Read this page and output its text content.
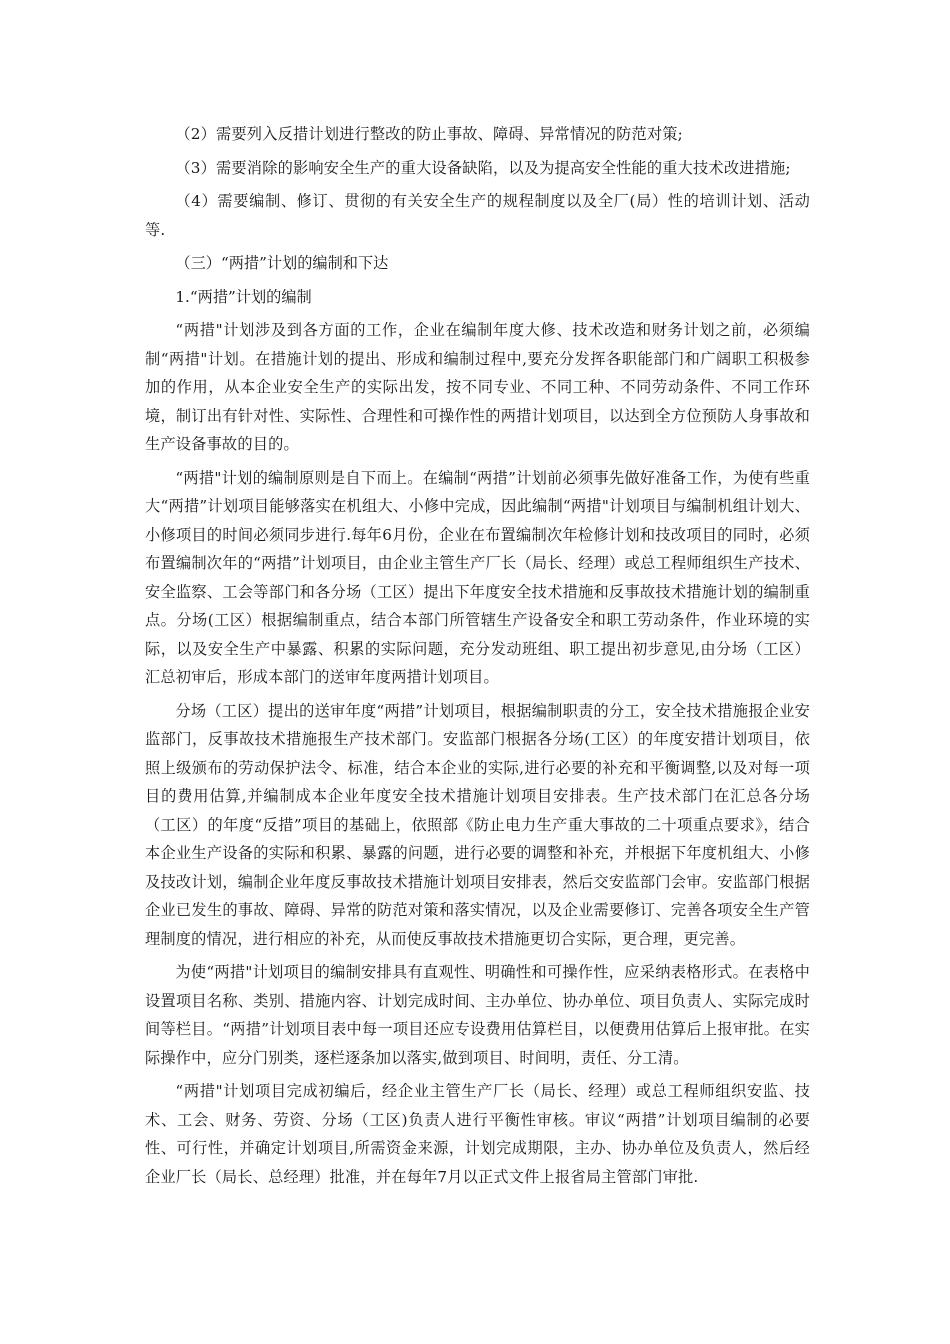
（2）需要列入反措计划进行整改的防止事故、障碍、异常情况的防范对策;

（3）需要消除的影响安全生产的重大设备缺陷，以及为提高安全性能的重大技术改进措施;

（4）需要编制、修订、贯彻的有关安全生产的规程制度以及全厂(局）性的培训计划、活动等.

（三）“两措”计划的编制和下达

1.“两措”计划的编制

“两措"计划涉及到各方面的工作，企业在编制年度大修、技术改造和财务计划之前，必须编制“两措"计划。在措施计划的提出、形成和编制过程中,要充分发挥各职能部门和广阔职工积极参加的作用，从本企业安全生产的实际出发，按不同专业、不同工种、不同劳动条件、不同工作环境，制订出有针对性、实际性、合理性和可操作性的两措计划项目，以达到全方位预防人身事故和生产设备事故的目的。

“两措"计划的编制原则是自下而上。在编制“两措”计划前必须事先做好准备工作，为使有些重大“两措”计划项目能够落实在机组大、小修中完成，因此编制“两措"计划项目与编制机组计划大、小修项目的时间必须同步进行.每年6月份，企业在布置编制次年检修计划和技改项目的同时，必须布置编制次年的“两措”计划项目，由企业主管生产厂长（局长、经理）或总工程师组织生产技术、安全监察、工会等部门和各分场（工区）提出下年度安全技术措施和反事故技术措施计划的编制重点。分场(工区）根据编制重点，结合本部门所管辖生产设备安全和职工劳动条件，作业环境的实际，以及安全生产中暴露、积累的实际问题，充分发动班组、职工提出初步意见,由分场（工区）汇总初审后，形成本部门的送审年度两措计划项目。

分场（工区）提出的送审年度“两措”计划项目，根据编制职责的分工，安全技术措施报企业安监部门，反事故技术措施报生产技术部门。安监部门根据各分场(工区）的年度安措计划项目，依照上级颁布的劳动保护法令、标准，结合本企业的实际,进行必要的补充和平衡调整,以及对每一项目的费用估算,并编制成本企业年度安全技术措施计划项目安排表。生产技术部门在汇总各分场（工区）的年度“反措”项目的基础上，依照部《防止电力生产重大事故的二十项重点要求》，结合本企业生产设备的实际和积累、暴露的问题，进行必要的调整和补充，并根据下年度机组大、小修及技改计划，编制企业年度反事故技术措施计划项目安排表，然后交安监部门会审。安监部门根据企业已发生的事故、障碍、异常的防范对策和落实情况，以及企业需要修订、完善各项安全生产管理制度的情况，进行相应的补充，从而使反事故技术措施更切合实际，更合理，更完善。

为使“两措"计划项目的编制安排具有直观性、明确性和可操作性，应采纳表格形式。在表格中设置项目名称、类别、措施内容、计划完成时间、主办单位、协办单位、项目负责人、实际完成时间等栏目。“两措”计划项目表中每一项目还应专设费用估算栏目，以便费用估算后上报审批。在实际操作中，应分门别类，逐栏逐条加以落实,做到项目、时间明，责任、分工清。

“两措"计划项目完成初编后，经企业主管生产厂长（局长、经理）或总工程师组织安监、技术、工会、财务、劳资、分场（工区)负责人进行平衡性审核。审议“两措”计划项目编制的必要性、可行性，并确定计划项目,所需资金来源，计划完成期限，主办、协办单位及负责人，然后经企业厂长（局长、总经理）批准，并在每年7月以正式文件上报省局主管部门审批.
